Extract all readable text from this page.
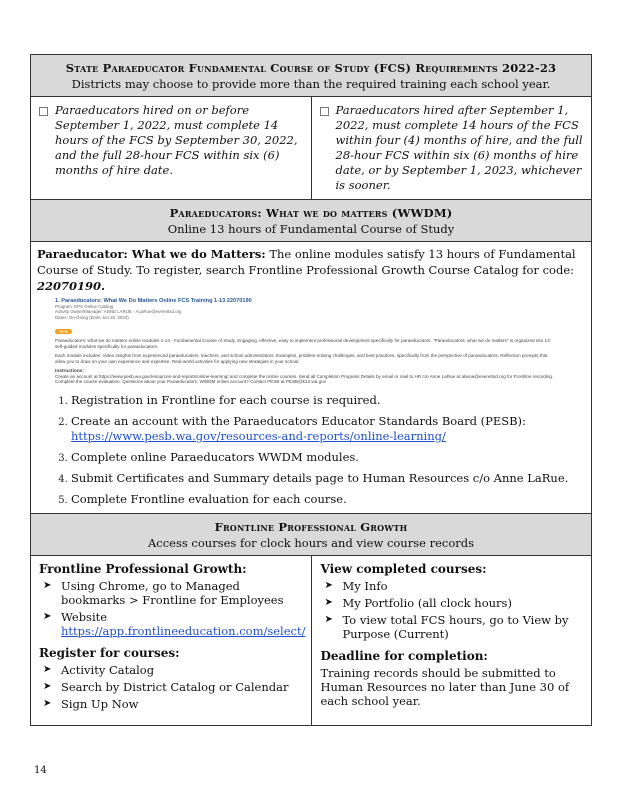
State Paraeducator Fundamental Course of Study (FCS) Requirements 2022-23
Districts may choose to provide more than the required training each school year.
Paraeducators hired on or before September 1, 2022, must complete 14 hours of the FCS by September 30, 2022, and the full 28-hour FCS within six (6) months of hire date.
Paraeducators hired after September 1, 2022, must complete 14 hours of the FCS within four (4) months of hire, and the full 28-hour FCS within six (6) months of hire date, or by September 1, 2023, whichever is sooner.
Paraeducators: What we do matters (WWDM)
Online 13 hours of Fundamental Course of Study
Paraeducator: What we do Matters: The online modules satisfy 13 hours of Fundamental Course of Study. To register, search Frontline Professional Growth Course Catalog for code: 22070190.
1. Paraeducators: What We Do Matters Online FCS Training 1-13 22070190
Program: EPS Online Catalog
Activity Owner/Manager: ANNE LARUE - ALaRue@everettsd.org
Dates: On-Going (Ends Jun 30, 2023)
New
Paraeducators: what we do matters online modules 1-13 - Fundamental Course of Study. Engaging, effective, easy to implement professional development specifically for paraeducators. "Paraeducators: what we do matters" is organized into 13 self-guided modules specifically for paraeducators.
Each module includes: Video insights from experienced paraeducators, teachers, and school administrators. Examples, problem-solving challenges, and best practices, specifically from the perspective of paraeducators. Reflection prompts that allow you to draw on your own experience and expertise. Real-world activities for applying new strategies in your school.
Instructions:
Create an account at https://www.pesb.wa.gov/resources-and-reports/online-learning/ and complete the online courses. Send all Completion Progress Details by email or mail to HR c/o Anne LaRue at alarue@everettsd.org for Frontline recording. Complete the course evaluation. Questions about your Paraeducators: WWDM online account? Contact PESB at PESB@k12.wa.gov
1. Registration in Frontline for each course is required.
2. Create an account with the Paraeducators Educator Standards Board (PESB):
https://www.pesb.wa.gov/resources-and-reports/online-learning/
3. Complete online Paraeducators WWDM modules.
4. Submit Certificates and Summary details page to Human Resources c/o Anne LaRue.
5. Complete Frontline evaluation for each course.
Frontline Professional Growth
Access courses for clock hours and view course records
Frontline Professional Growth:
➤ Using Chrome, go to Managed bookmarks > Frontline for Employees
➤ Website
https://app.frontlineeducation.com/select/
Register for courses:
➤ Activity Catalog
➤ Search by District Catalog or Calendar
➤ Sign Up Now
View completed courses:
➤ My Info
➤ My Portfolio (all clock hours)
➤ To view total FCS hours, go to View by Purpose (Current)
Deadline for completion:
Training records should be submitted to Human Resources no later than June 30 of each school year.
14
